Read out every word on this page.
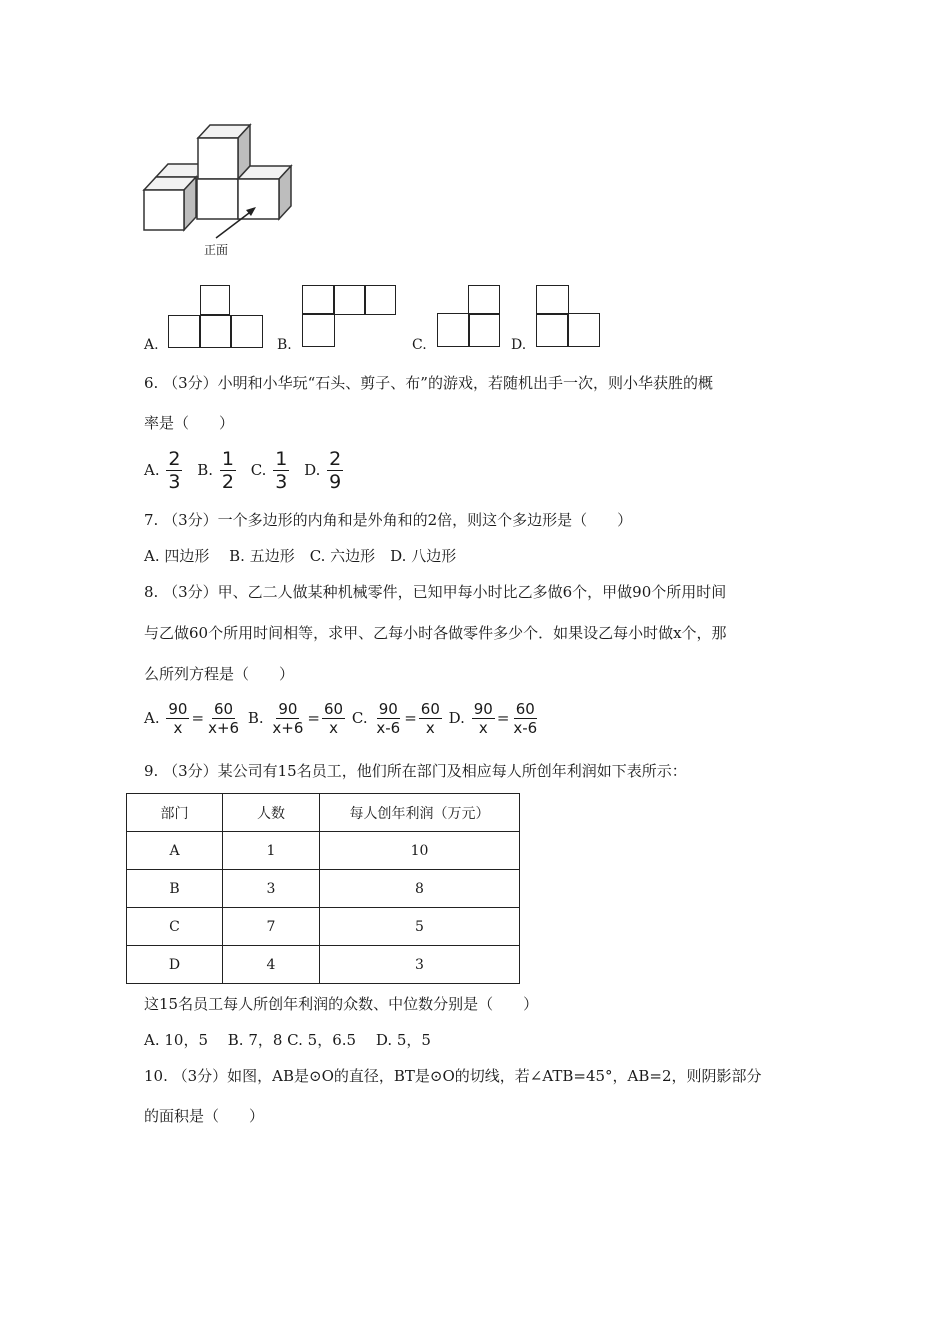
正面
A.	B.	C.	D.
6. （3分）小明和小华玩“石头、剪子、布”的游戏，若随机出手一次，则小华获胜的概
率是（　　）
A. $\frac{2}{3} B$. $\frac{1}{2} C$. $\frac{1}{3} D$. $\frac{2}{9}$
7. （3分）一个多边形的内角和是外角和的2倍，则这个多边形是（　　）
A. 四边形　 B. 五边形　C. 六边形　D. 八边形
8. （3分）甲、乙二人做某种机械零件，已知甲每小时比乙多做6个，甲做90个所用时间
与乙做60个所用时间相等，求甲、乙每小时各做零件多少个．如果设乙每小时做x个，那
么所列方程是（　　）
A. $\frac{90}{x} = \frac{60}{x+6} B$. $\frac{90}{x+6} = \frac{60}{x} C$. $\frac{90}{x-6} = \frac{60}{x} D$. $\frac{90}{x} = \frac{60}{x-6}$
9. （3分）某公司有15名员工，他们所在部门及相应每人所创年利润如下表所示：
部门	人数	每人创年利润（万元）
A	1	10
B	3	8
C	7	5
D	4	3
这15名员工每人所创年利润的众数、中位数分别是（　　）
A. 10，5　 B. 7，8 C. 5，6.5　 D. 5，5
10. （3分）如图，AB是⊙O的直径，BT是⊙O的切线，若∠ATB=45°，AB=2，则阴影部分
的面积是（　　）
